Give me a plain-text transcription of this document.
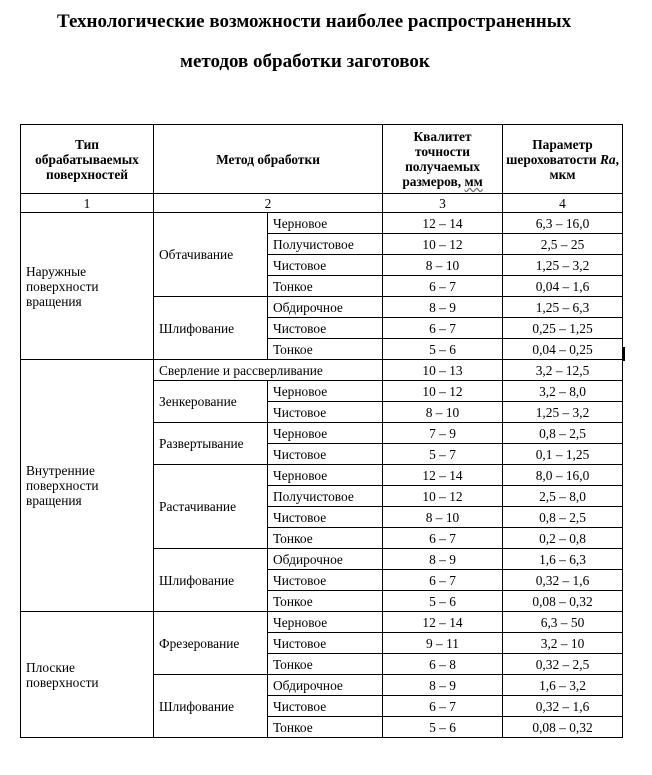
Технологические возможности наиболее распространенных
методов обработки заготовок
Тип обрабатываемых поверхностей	Метод обработки		Квалитет точности получаемых размеров, мм	Параметр шероховатости Ra, мкм
1	2		3	4
Наружные поверхности вращения	Обтачивание	Черновое	12 – 14	6,3 – 16,0
		Получистовое	10 – 12	2,5 – 25
		Чистовое	8 – 10	1,25 – 3,2
		Тонкое	6 – 7	0,04 – 1,6
	Шлифование	Обдирочное	8 – 9	1,25 – 6,3
		Чистовое	6 – 7	0,25 – 1,25
		Тонкое	5 – 6	0,04 – 0,25
Внутренние поверхности вращения	Сверление и рассверливание		10 – 13	3,2 – 12,5
	Зенкерование	Черновое	10 – 12	3,2 – 8,0
		Чистовое	8 – 10	1,25 – 3,2
	Развертывание	Черновое	7 – 9	0,8 – 2,5
		Чистовое	5 – 7	0,1 – 1,25
	Растачивание	Черновое	12 – 14	8,0 – 16,0
		Получистовое	10 – 12	2,5 – 8,0
		Чистовое	8 – 10	0,8 – 2,5
		Тонкое	6 – 7	0,2 – 0,8
	Шлифование	Обдирочное	8 – 9	1,6 – 6,3
		Чистовое	6 – 7	0,32 – 1,6
		Тонкое	5 – 6	0,08 – 0,32
Плоские поверхности	Фрезерование	Черновое	12 – 14	6,3 – 50
		Чистовое	9 – 11	3,2 – 10
		Тонкое	6 – 8	0,32 – 2,5
	Шлифование	Обдирочное	8 – 9	1,6 – 3,2
		Чистовое	6 – 7	0,32 – 1,6
		Тонкое	5 – 6	0,08 – 0,32
